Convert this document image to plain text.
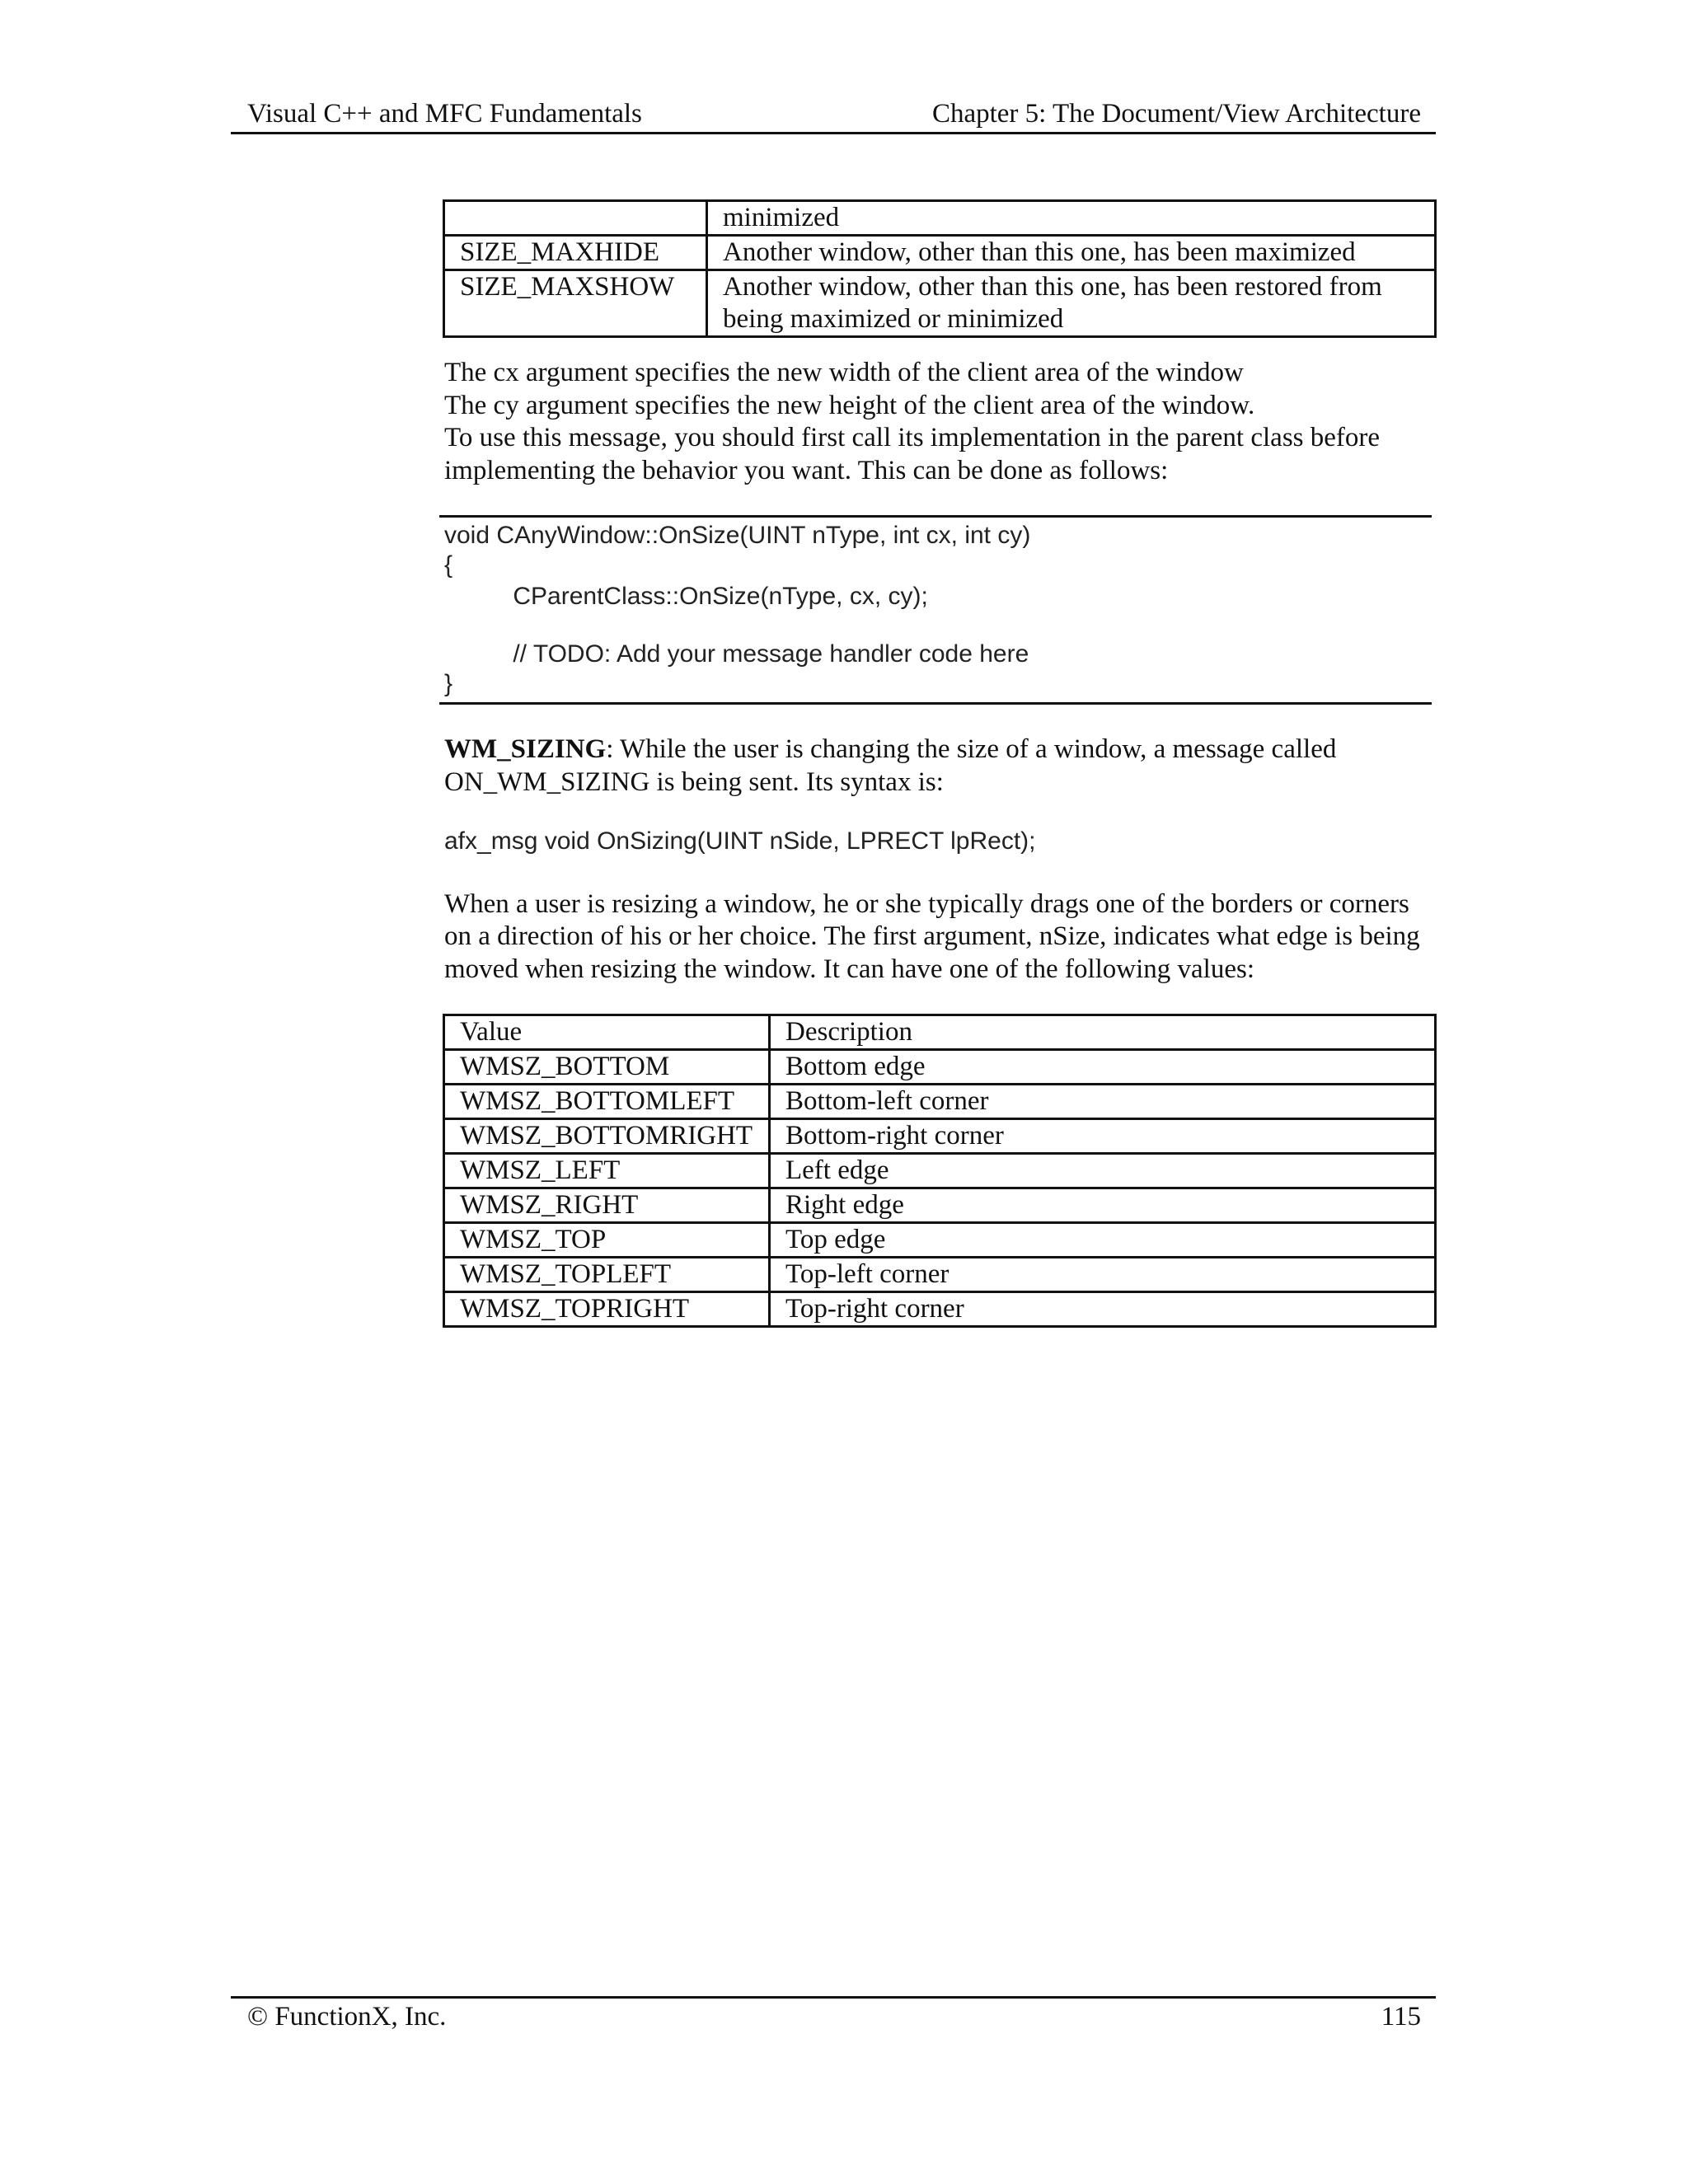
Visual C++ and MFC Fundamentals	Chapter 5: The Document/View Architecture
	minimized
SIZE_MAXHIDE	Another window, other than this one, has been maximized
SIZE_MAXSHOW	Another window, other than this one, has been restored from being maximized or minimized
The cx argument specifies the new width of the client area of the window
The cy argument specifies the new height of the client area of the window.
To use this message, you should first call its implementation in the parent class before
implementing the behavior you want. This can be done as follows:
void CAnyWindow::OnSize(UINT nType, int cx, int cy)
{
CParentClass::OnSize(nType, cx, cy);
// TODO: Add your message handler code here
}
WM_SIZING: While the user is changing the size of a window, a message called
ON_WM_SIZING is being sent. Its syntax is:
afx_msg void OnSizing(UINT nSide, LPRECT lpRect);
When a user is resizing a window, he or she typically drags one of the borders or corners
on a direction of his or her choice. The first argument, nSize, indicates what edge is being
moved when resizing the window. It can have one of the following values:
Value	Description
WMSZ_BOTTOM	Bottom edge
WMSZ_BOTTOMLEFT	Bottom-left corner
WMSZ_BOTTOMRIGHT	Bottom-right corner
WMSZ_LEFT	Left edge
WMSZ_RIGHT	Right edge
WMSZ_TOP	Top edge
WMSZ_TOPLEFT	Top-left corner
WMSZ_TOPRIGHT	Top-right corner
© FunctionX, Inc.	115
